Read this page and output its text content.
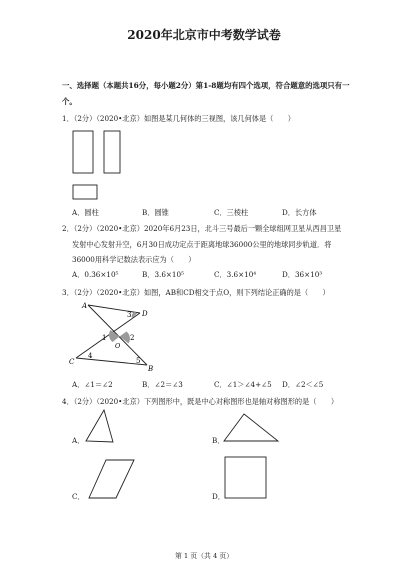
2020年北京市中考数学试卷
一、选择题（本题共16分，每小题2分）第1-8题均有四个选项，符合题意的选项只有一
个。
1．（2分）（2020•北京）如图是某几何体的三视图，该几何体是（　　）
A．圆柱	B．圆锥	C．三棱柱	D．长方体
2．（2分）（2020•北京）2020年6月23日，北斗三号最后一颗全球组网卫星从西昌卫星
发射中心发射升空，6月30日成功定点于距离地球36000公里的地球同步轨道．将
36000用科学记数法表示应为（　　）
A．0.36×10⁵	B．3.6×10⁵	C．3.6×10⁴	D．36×10³
3．（2分）（2020•北京）如图，AB和CD相交于点O，则下列结论正确的是（　　）
A
D
C
B
O
1	2
3
4
5
A．∠1＝∠2	B．∠2＝∠3	C．∠1＞∠4+∠5 D．∠2＜∠5
4．（2分）（2020•北京）下列图形中，既是中心对称图形也是轴对称图形的是（　　）
A．	B．
C．	D．
第 1 页（共 4 页）
